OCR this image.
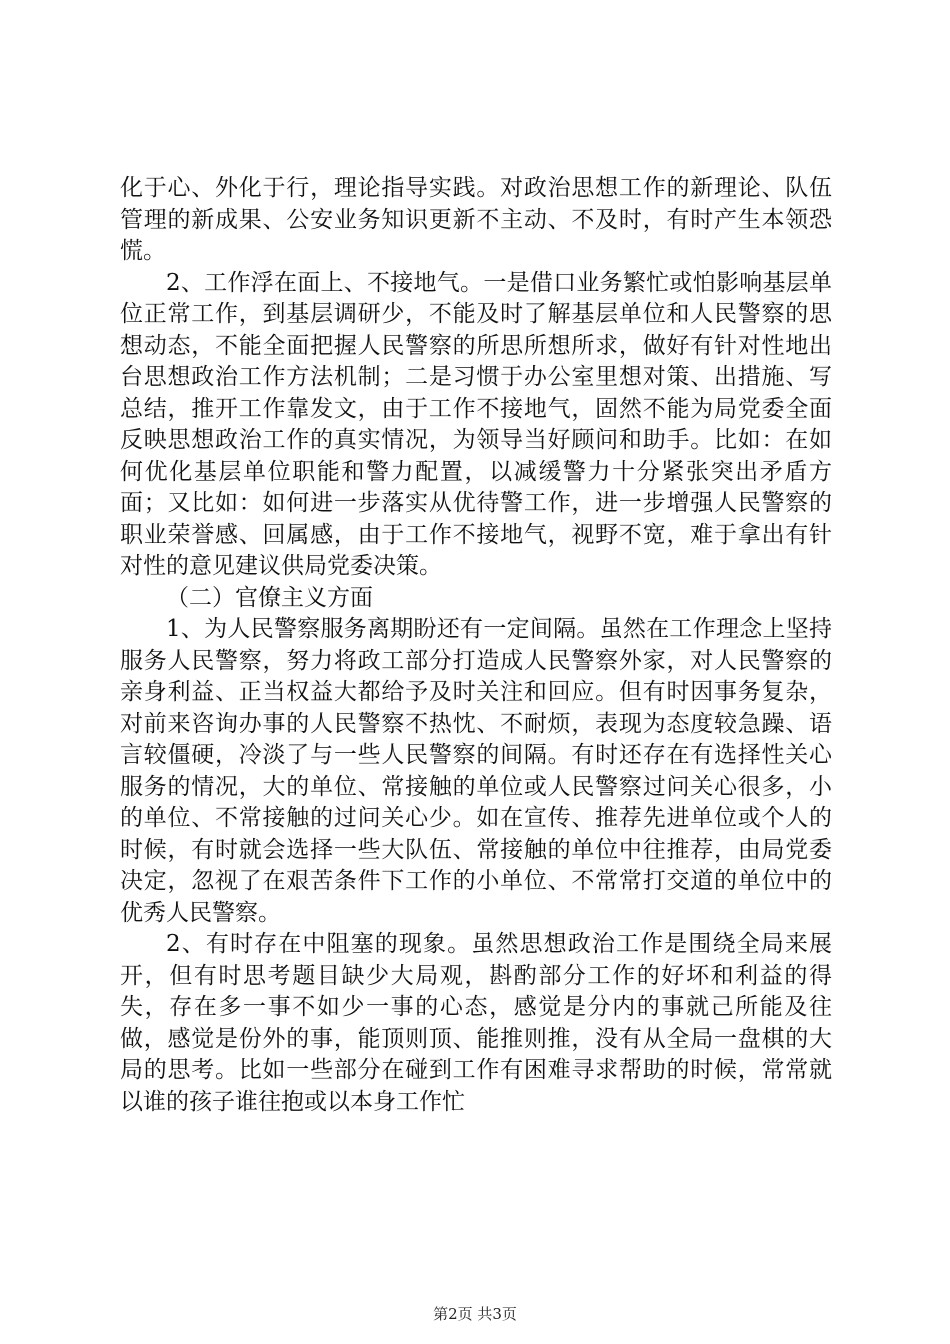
化于心、外化于行，理论指导实践。对政治思想工作的新理论、队伍管理的新成果、公安业务知识更新不主动、不及时，有时产生本领恐慌。

2、工作浮在面上、不接地气。一是借口业务繁忙或怕影响基层单位正常工作，到基层调研少，不能及时了解基层单位和人民警察的思想动态，不能全面把握人民警察的所思所想所求，做好有针对性地出台思想政治工作方法机制；二是习惯于办公室里想对策、出措施、写总结，推开工作靠发文，由于工作不接地气，固然不能为局党委全面反映思想政治工作的真实情况，为领导当好顾问和助手。比如：在如何优化基层单位职能和警力配置，以减缓警力十分紧张突出矛盾方面；又比如：如何进一步落实从优待警工作，进一步增强人民警察的职业荣誉感、回属感，由于工作不接地气，视野不宽，难于拿出有针对性的意见建议供局党委决策。

（二）官僚主义方面

1、为人民警察服务离期盼还有一定间隔。虽然在工作理念上坚持服务人民警察，努力将政工部分打造成人民警察外家，对人民警察的亲身利益、正当权益大都给予及时关注和回应。但有时因事务复杂，对前来咨询办事的人民警察不热忱、不耐烦，表现为态度较急躁、语言较僵硬，冷淡了与一些人民警察的间隔。有时还存在有选择性关心服务的情况，大的单位、常接触的单位或人民警察过问关心很多，小的单位、不常接触的过问关心少。如在宣传、推荐先进单位或个人的时候，有时就会选择一些大队伍、常接触的单位中往推荐，由局党委决定，忽视了在艰苦条件下工作的小单位、不常常打交道的单位中的优秀人民警察。

2、有时存在中阻塞的现象。虽然思想政治工作是围绕全局来展开，但有时思考题目缺少大局观，斟酌部分工作的好坏和利益的得失，存在多一事不如少一事的心态，感觉是分内的事就己所能及往做，感觉是份外的事，能顶则顶、能推则推，没有从全局一盘棋的大局的思考。比如一些部分在碰到工作有困难寻求帮助的时候，常常就以谁的孩子谁往抱或以本身工作忙

第2页 共3页
